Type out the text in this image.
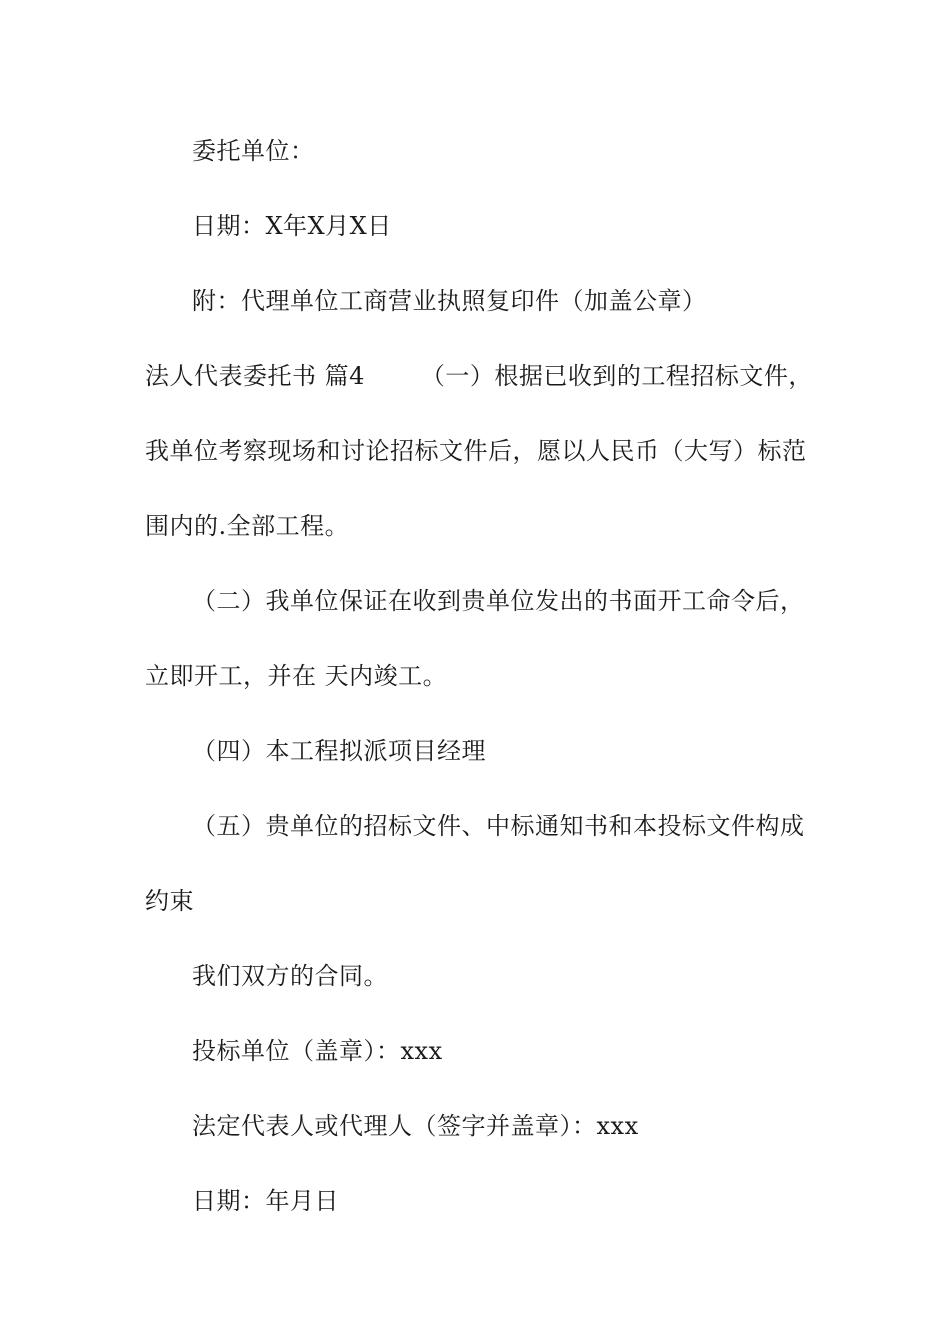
委托单位：
日期：X年X月X日
附：代理单位工商营业执照复印件（加盖公章）
法人代表委托书 篇4 （一）根据已收到的工程招标文件，
我单位考察现场和讨论招标文件后，愿以人民币（大写）标范
围内的.全部工程。
（二）我单位保证在收到贵单位发出的书面开工命令后，
立即开工，并在 天内竣工。
（四）本工程拟派项目经理
（五）贵单位的招标文件、中标通知书和本投标文件构成
约束
我们双方的合同。
投标单位（盖章）：xxx
法定代表人或代理人（签字并盖章）：xxx
日期：年月日
